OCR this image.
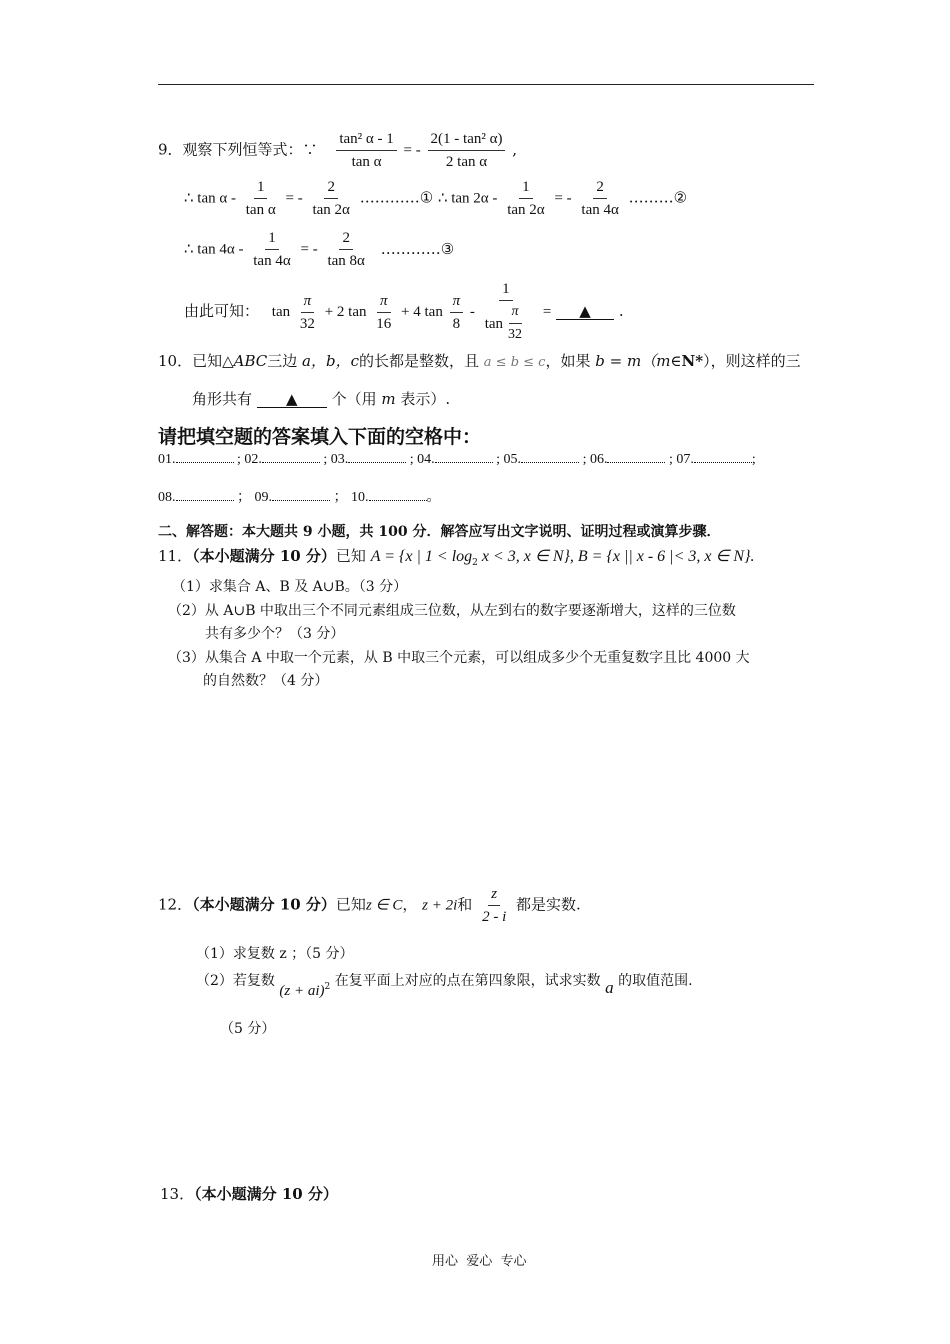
9．观察下列恒等式：∵ $\frac{\text{tan² α - 1}}{\text{tan α}}$ = - $\frac{\text{2(1 - tan² α)}}{\text{2 tan α}}$ ,
∴ tan α - $\frac{1}{\text{tan α}}$ = - $\frac{2}{\tan 2\alpha}$ …………① ∴ $\tan 2\alpha - \frac{1}{\tan 2\alpha}$ = - $\frac{2}{\tan 4\alpha}$ ………②
∴ $\tan 4\alpha - \frac{1}{\tan 4\alpha}$ = - $\frac{2}{\tan 8\alpha}$ …………③
由此可知： $\tan \frac{\pi}{32} + 2$ $\tan \frac{\pi}{16} + 4$ $\tan \frac{\pi}{8} - \frac{1}{\tan \frac{\pi}{32}}$ = ▲ .
10．已知△ABC三边 a，b，c的长都是整数，且 a ≤ b ≤ c，如果 b = m（m∈N*），则这样的三
角形共有 ▲ 个（用 m 表示）.
请把填空题的答案填入下面的空格中：
01.	; 02.	; 03.	; 04.	; 05.	; 06.	; 07.	;
08.	； 09.	； 10.	。
二、解答题：本大题共 9 小题，共 100 分．解答应写出文字说明、证明过程或演算步骤．
11．（本小题满分 10 分）已知 A = {x | $1 < \log_2 x < 3$, x ∈ N}, B = {x || x - 6 |< 3, x ∈ N}.
（1）求集合 A、B 及 A∪B。（3 分）
（2）从 A∪B 中取出三个不同元素组成三位数，从左到右的数字要逐渐增大，这样的三位数
共有多少个？（3 分）
（3）从集合 A 中取一个元素，从 B 中取三个元素，可以组成多少个无重复数字且比 4000 大
的自然数？（4 分）
12．（本小题满分 10 分）已知z ∈ C， z + 2i和 $\frac{z}{2 - i}$ 都是实数.
（1）求复数 z ；（5 分）
（2）若复数 $(z + ai)_2$ 在复平面上对应的点在第四象限，试求实数 a 的取值范围.
（5 分）
13．（本小题满分 10 分）
用心  爱心  专心
